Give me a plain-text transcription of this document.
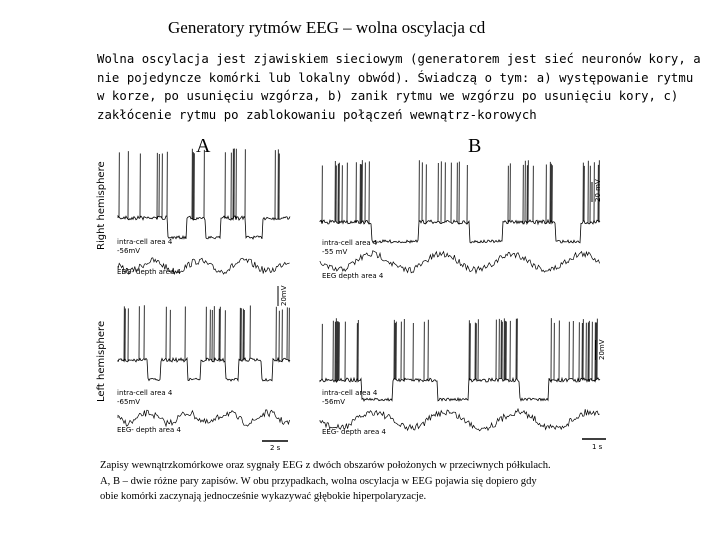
Generatory rytmów EEG – wolna oscylacja cd
Wolna oscylacja jest zjawiskiem sieciowym (generatorem jest sieć neuronów kory, a
nie pojedyncze komórki lub lokalny obwód). Świadczą o tym: a) występowanie rytmu
w korze, po usunięciu wzgórza, b) zanik rytmu we wzgórzu po usunięciu kory, c)
zakłócenie rytmu po zablokowaniu połączeń wewnątrz-korowych
A	B
Right hemisphere
Left hemisphere
intra-cell area 4
-56mV
EEG- depth area 4
20mV
intra-cell area 4
-65mV
EEG- depth area 4
2 s
intra-cell area 4
-55 mV
EEG depth area 4
20 mV
intra-cell area 4
-56mV
EEG- depth area 4
20mV
1 s
Zapisy wewnątrzkomórkowe oraz sygnały EEG z dwóch obszarów położonych w przeciwnych półkulach.
A, B – dwie różne pary zapisów. W obu przypadkach, wolna oscylacja w EEG pojawia się dopiero gdy
obie komórki zaczynają jednocześnie wykazywać głębokie hiperpolaryzacje.
